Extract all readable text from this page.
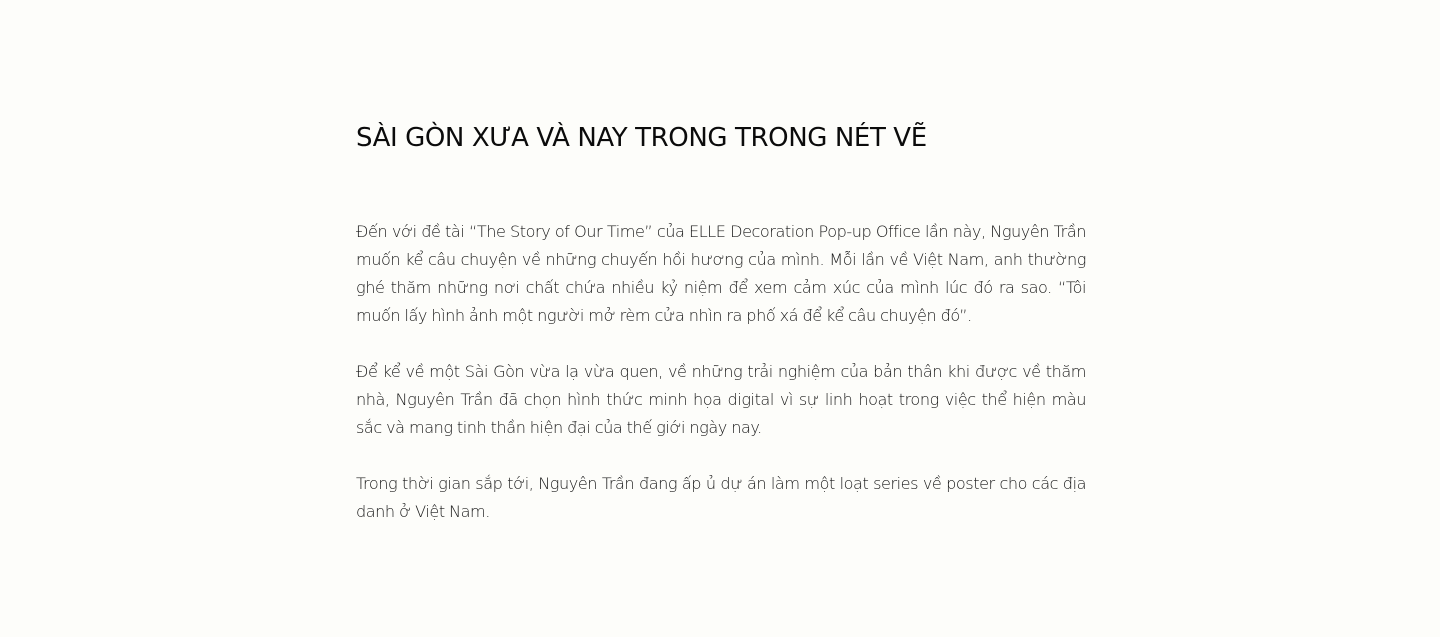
SÀI GÒN XƯA VÀ NAY TRONG TRONG NÉT VẼ

Đến với đề tài “The Story of Our Time” của ELLE Decoration Pop-up Office lần này, Nguyên Trần muốn kể câu chuyện về những chuyến hồi hương của mình. Mỗi lần về Việt Nam, anh thường ghé thăm những nơi chất chứa nhiều kỷ niệm để xem cảm xúc của mình lúc đó ra sao. “Tôi muốn lấy hình ảnh một người mở rèm cửa nhìn ra phố xá để kể câu chuyện đó”.

Để kể về một Sài Gòn vừa lạ vừa quen, về những trải nghiệm của bản thân khi được về thăm nhà, Nguyên Trần đã chọn hình thức minh họa digital vì sự linh hoạt trong việc thể hiện màu sắc và mang tinh thần hiện đại của thế giới ngày nay.

Trong thời gian sắp tới, Nguyên Trần đang ấp ủ dự án làm một loạt series về poster cho các địa danh ở Việt Nam.
